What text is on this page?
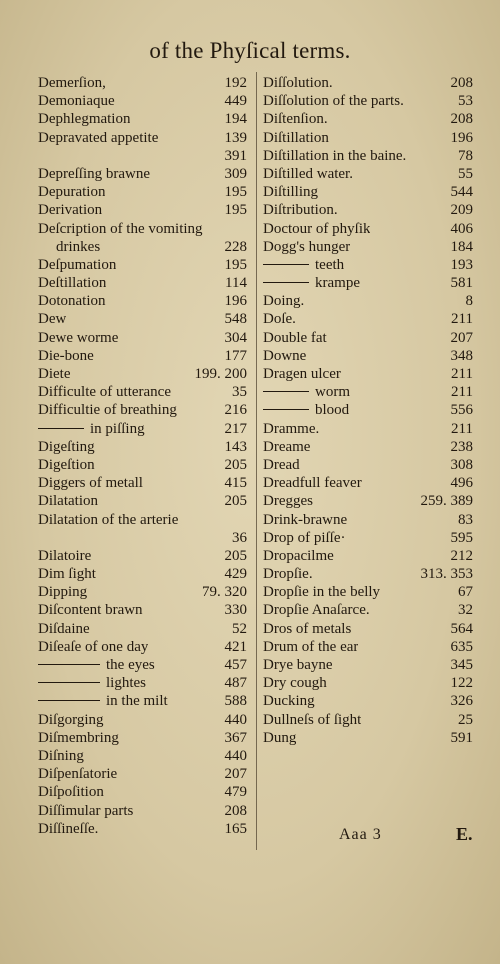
of the Phyſical terms.
Demerſion,	192
Demoniaque	449
Dephlegmation	194
Depravated appetite	139
391
Depreſſing brawne	309
Depuration	195
Derivation	195
Deſcription of the vomiting
drinkes	228
Deſpumation	195
Deſtillation	114
Dotonation	196
Dew	548
Dewe worme	304
Die-bone	177
Diete	199. 200
Difficulte of utterance	35
Difficultie of breathing	216
in piſſing	217
Digeſting	143
Digeſtion	205
Diggers of metall	415
Dilatation	205
Dilatation of the arterie
36
Dilatoire	205
Dim ſight	429
Dipping	79. 320
Diſcontent brawn	330
Diſdaine	52
Diſeaſe of one day	421
the eyes	457
lightes	487
in the milt	588
Diſgorging	440
Diſmembring	367
Diſning	440
Diſpenſatorie	207
Diſpoſition	479
Diſſimular parts	208
Diſſineſſe.	165
Diſſolution.	208
Diſſolution of the parts.	53
Diſtenſion.	208
Diſtillation	196
Diſtillation in the baine.	78
Diſtilled water.	55
Diſtilling	544
Diſtribution.	209
Doctour of phyſik	406
Dogg's hunger	184
teeth	193
krampe	581
Doing.	8
Doſe.	211
Double fat	207
Downe	348
Dragen ulcer	211
worm	211
blood	556
Dramme.	211
Dreame	238
Dread	308
Dreadfull feaver	496
Dregges	259. 389
Drink-brawne	83
Drop of piſſe·	595
Dropacilme	212
Dropſie.	313. 353
Dropſie in the belly	67
Dropſie Anaſarce.	32
Dros of metals	564
Drum of the ear	635
Drye bayne	345
Dry cough	122
Ducking	326
Dullneſs of ſight	25
Dung	591
Aaa 3	E.
